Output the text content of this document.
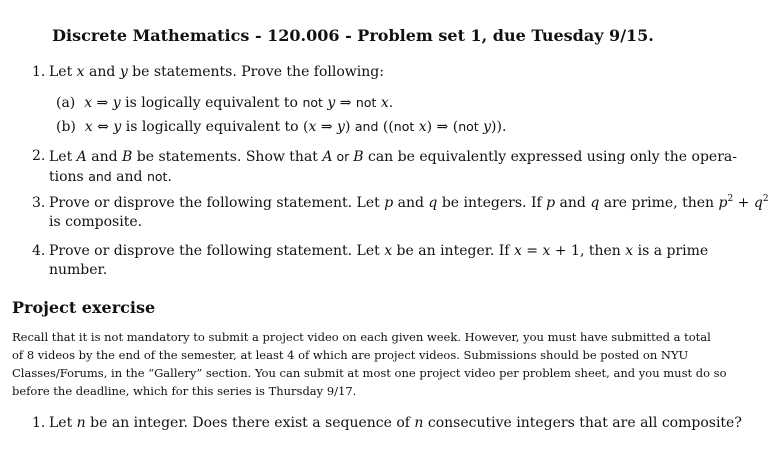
Discrete Mathematics - 120.006 - Problem set 1, due Tuesday 9/15.
1. Let x and y be statements. Prove the following:
(a) x ⇒ y is logically equivalent to not y ⇒ not x.
(b) x ⇔ y is logically equivalent to (x ⇒ y) and ((not x) ⇒ (not y)).
2. Let A and B be statements. Show that A or B can be equivalently expressed using only the opera-
tions and and not.
3. Prove or disprove the following statement. Let p and q be integers. If p and q are prime, then $p^2 + q^2$
is composite.
4. Prove or disprove the following statement. Let x be an integer. If x = x + 1, then x is a prime
number.
Project exercise
Recall that it is not mandatory to submit a project video on each given week. However, you must have submitted a total
of 8 videos by the end of the semester, at least 4 of which are project videos. Submissions should be posted on NYU
Classes/Forums, in the “Gallery” section. You can submit at most one project video per problem sheet, and you must do so
before the deadline, which for this series is Thursday 9/17.
1. Let n be an integer. Does there exist a sequence of n consecutive integers that are all composite?
